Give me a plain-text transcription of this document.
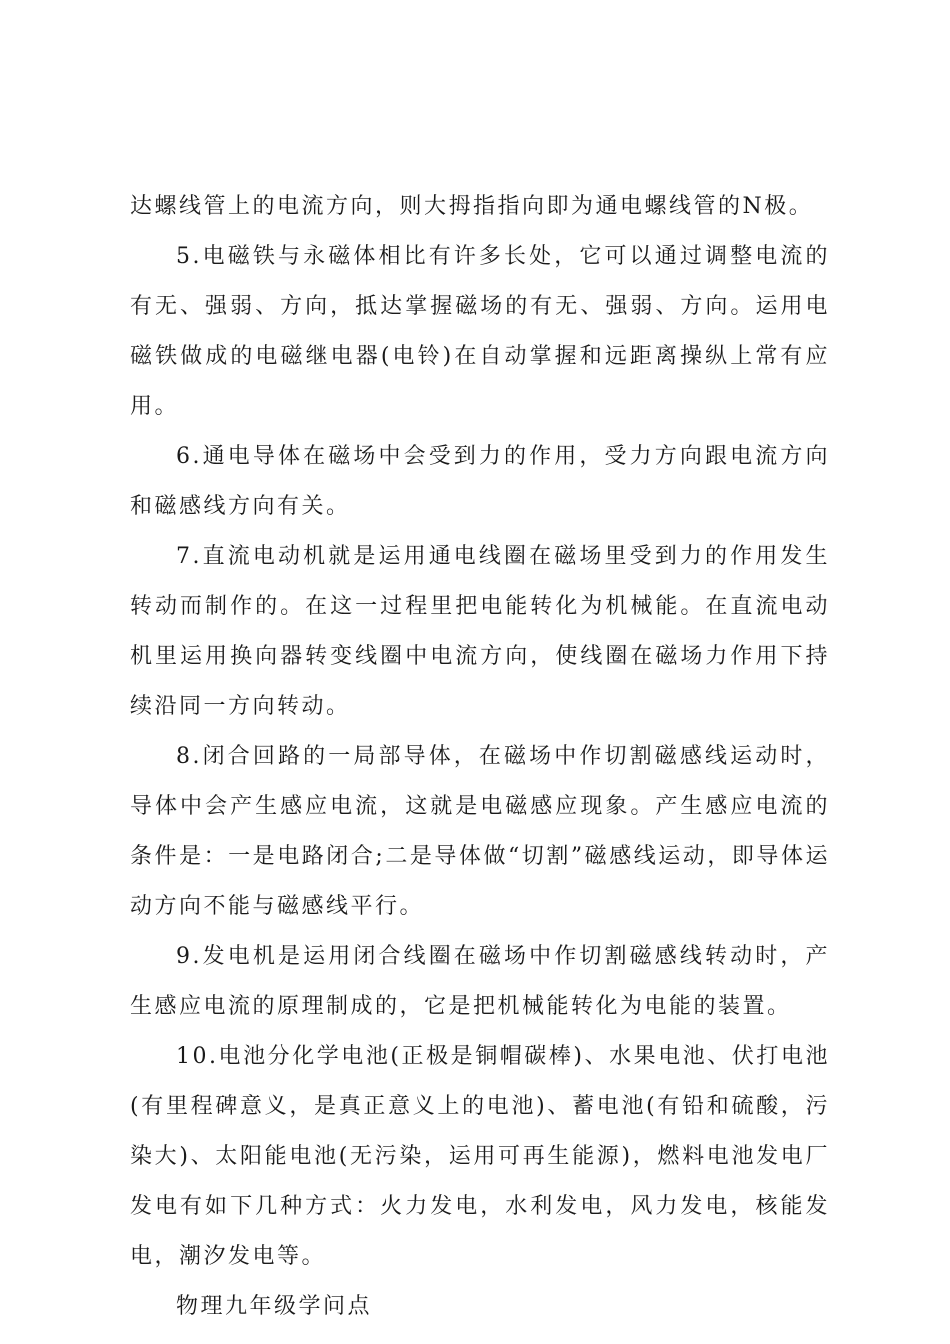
达螺线管上的电流方向，则大拇指指向即为通电螺线管的N极。

5.电磁铁与永磁体相比有许多长处，它可以通过调整电流的有无、强弱、方向，抵达掌握磁场的有无、强弱、方向。运用电磁铁做成的电磁继电器(电铃)在自动掌握和远距离操纵上常有应用。

6.通电导体在磁场中会受到力的作用，受力方向跟电流方向和磁感线方向有关。

7.直流电动机就是运用通电线圈在磁场里受到力的作用发生转动而制作的。在这一过程里把电能转化为机械能。在直流电动机里运用换向器转变线圈中电流方向，使线圈在磁场力作用下持续沿同一方向转动。

8.闭合回路的一局部导体，在磁场中作切割磁感线运动时，导体中会产生感应电流，这就是电磁感应现象。产生感应电流的条件是：一是电路闭合;二是导体做“切割”磁感线运动，即导体运动方向不能与磁感线平行。

9.发电机是运用闭合线圈在磁场中作切割磁感线转动时，产生感应电流的原理制成的，它是把机械能转化为电能的装置。

10.电池分化学电池(正极是铜帽碳棒)、水果电池、伏打电池(有里程碑意义，是真正意义上的电池)、蓄电池(有铅和硫酸，污染大)、太阳能电池(无污染，运用可再生能源)，燃料电池发电厂发电有如下几种方式：火力发电，水利发电，风力发电，核能发电，潮汐发电等。

物理九年级学问点
